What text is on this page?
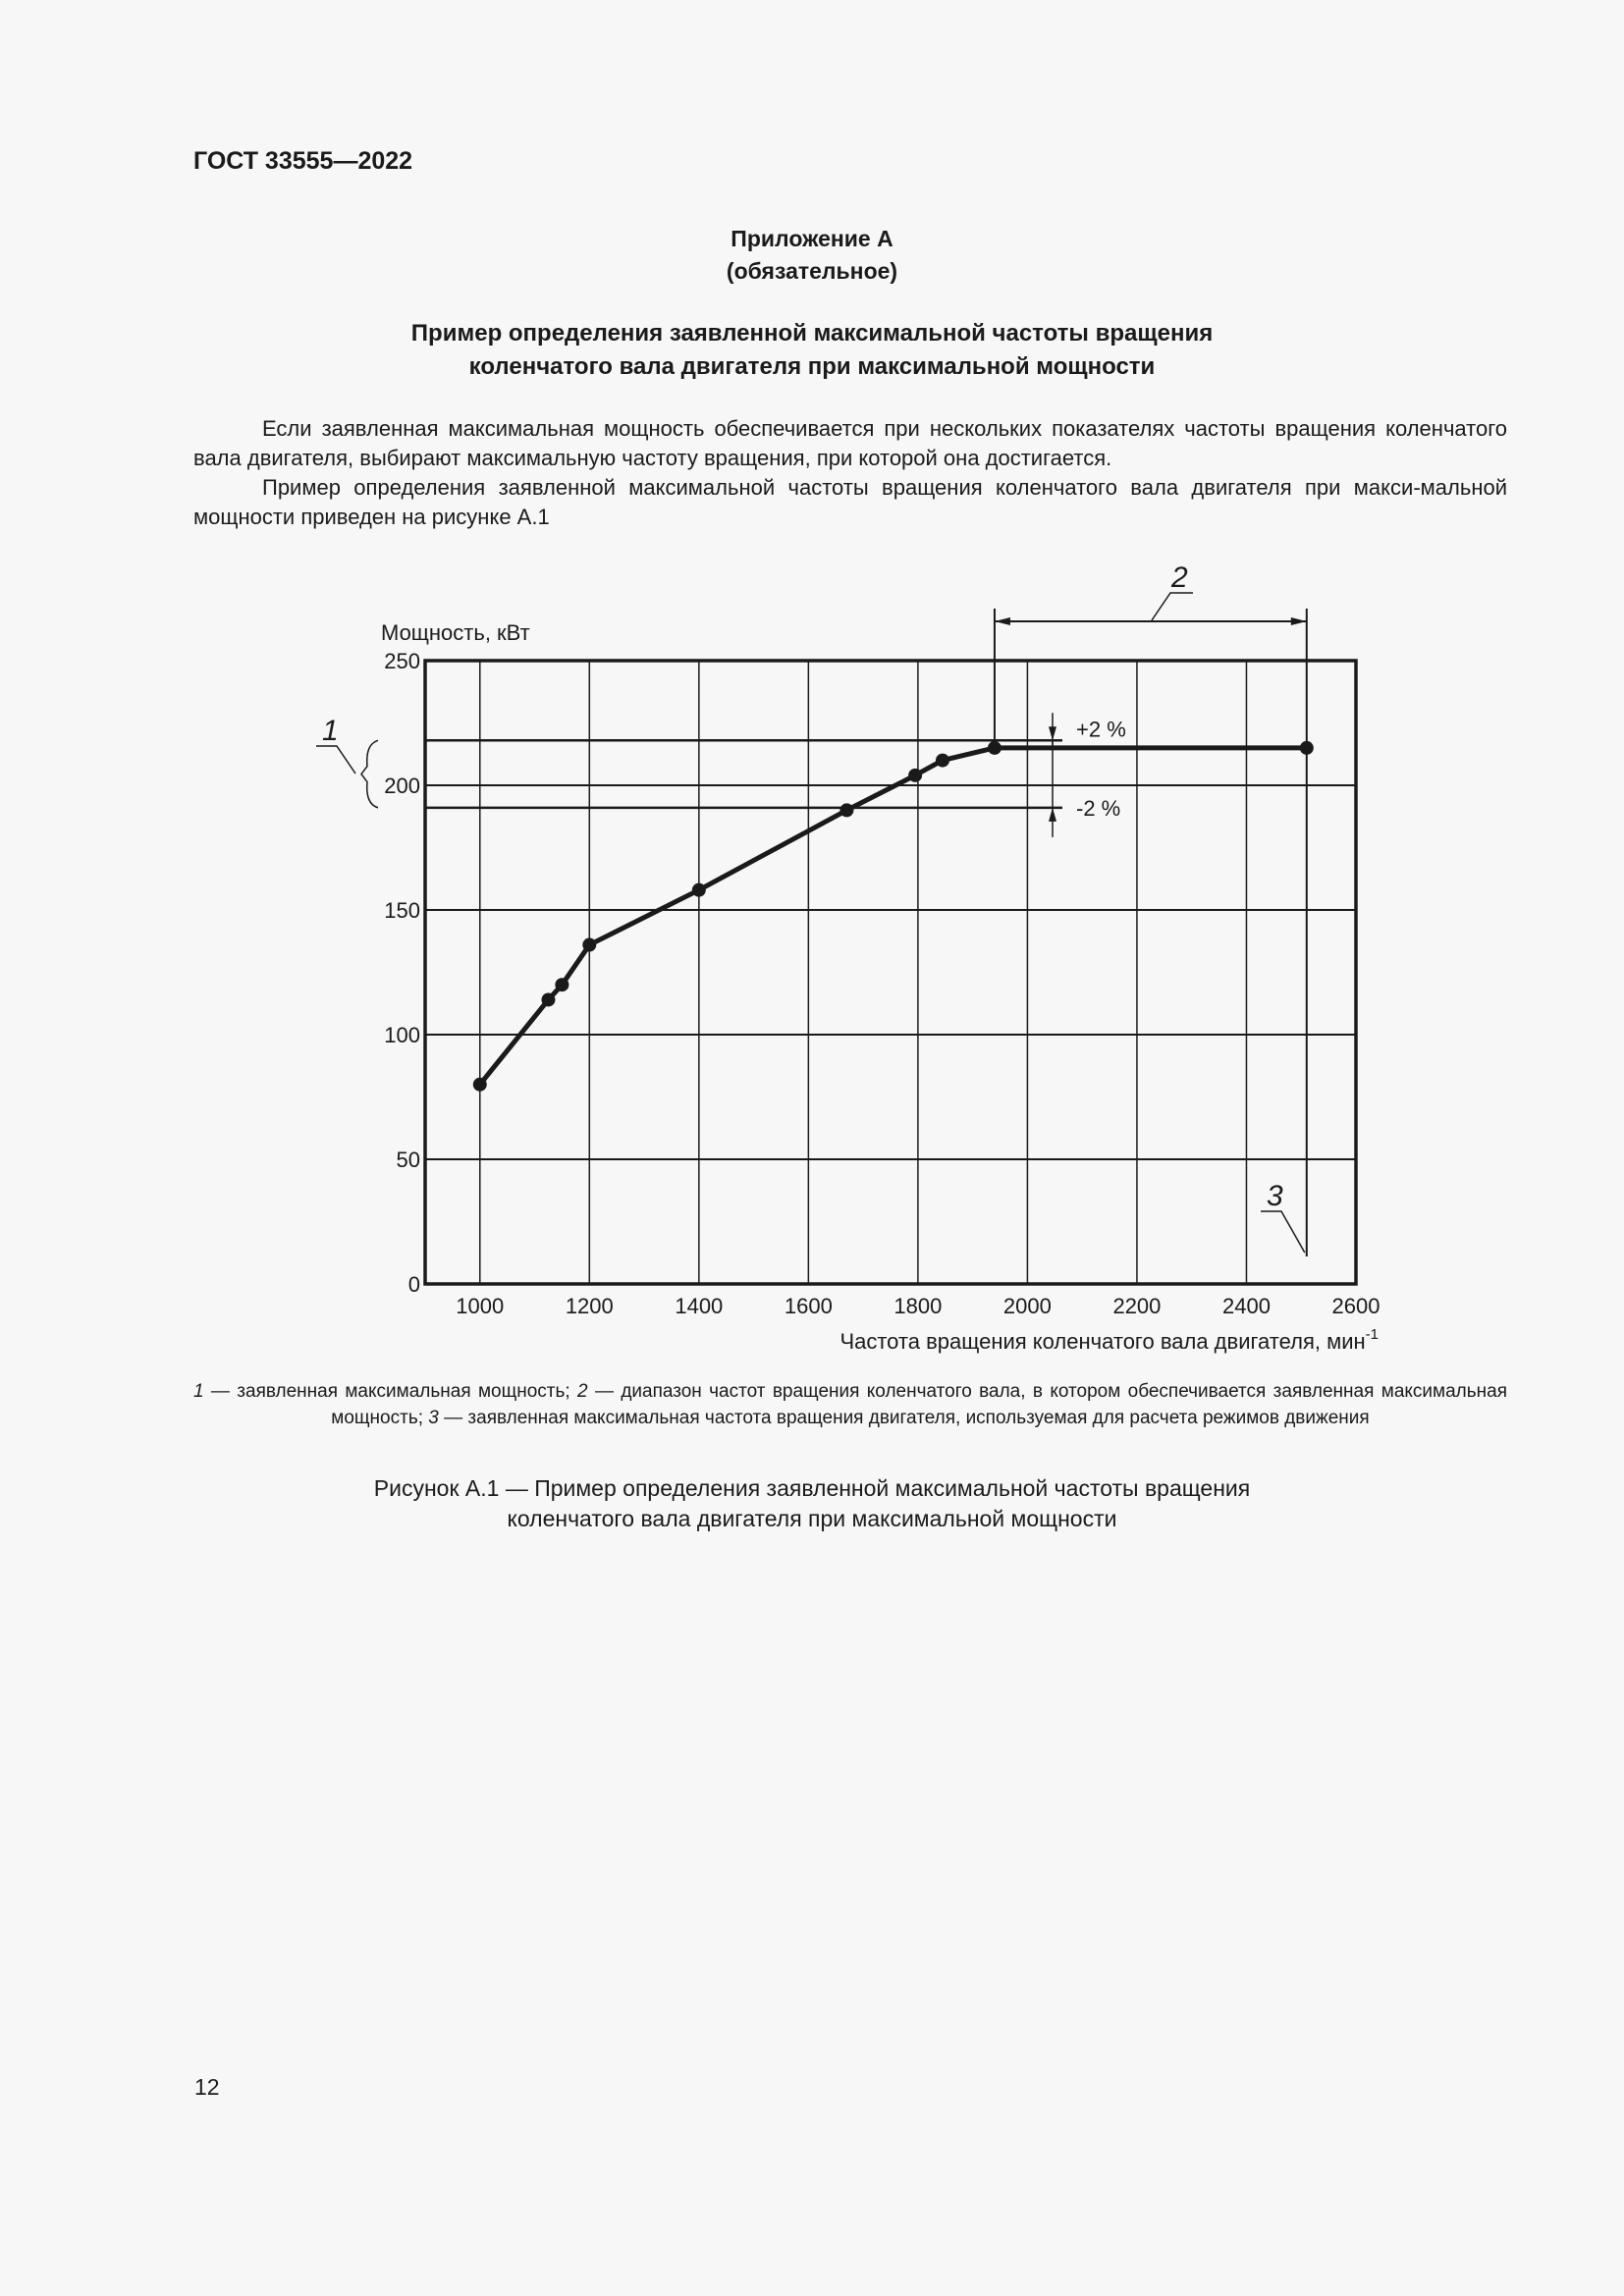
ГОСТ 33555—2022
Приложение А
(обязательное)
Пример определения заявленной максимальной частоты вращения
коленчатого вала двигателя при максимальной мощности

Если заявленная максимальная мощность обеспечивается при нескольких показателях частоты вращения коленчатого вала двигателя, выбирают максимальную частоту вращения, при которой она достигается.

Пример определения заявленной максимальной частоты вращения коленчатого вала двигателя при макси-мальной мощности приведен на рисунке А.1

+2 %
-2 %
2
1
3
1000	1200	1400	1600	1800	2000	2200	2400	2600
0
50
100
150
200
250
Мощность, кВт
Частота вращения коленчатого вала двигателя, мин$^{-1}$
1 — заявленная максимальная мощность; 2 — диапазон частот вращения коленчатого вала, в котором обеспечивается заявленная максимальная мощность; 3 — заявленная максимальная частота вращения двигателя, используемая для расчета режимов движения
Рисунок А.1 — Пример определения заявленной максимальной частоты вращения
коленчатого вала двигателя при максимальной мощности
12
